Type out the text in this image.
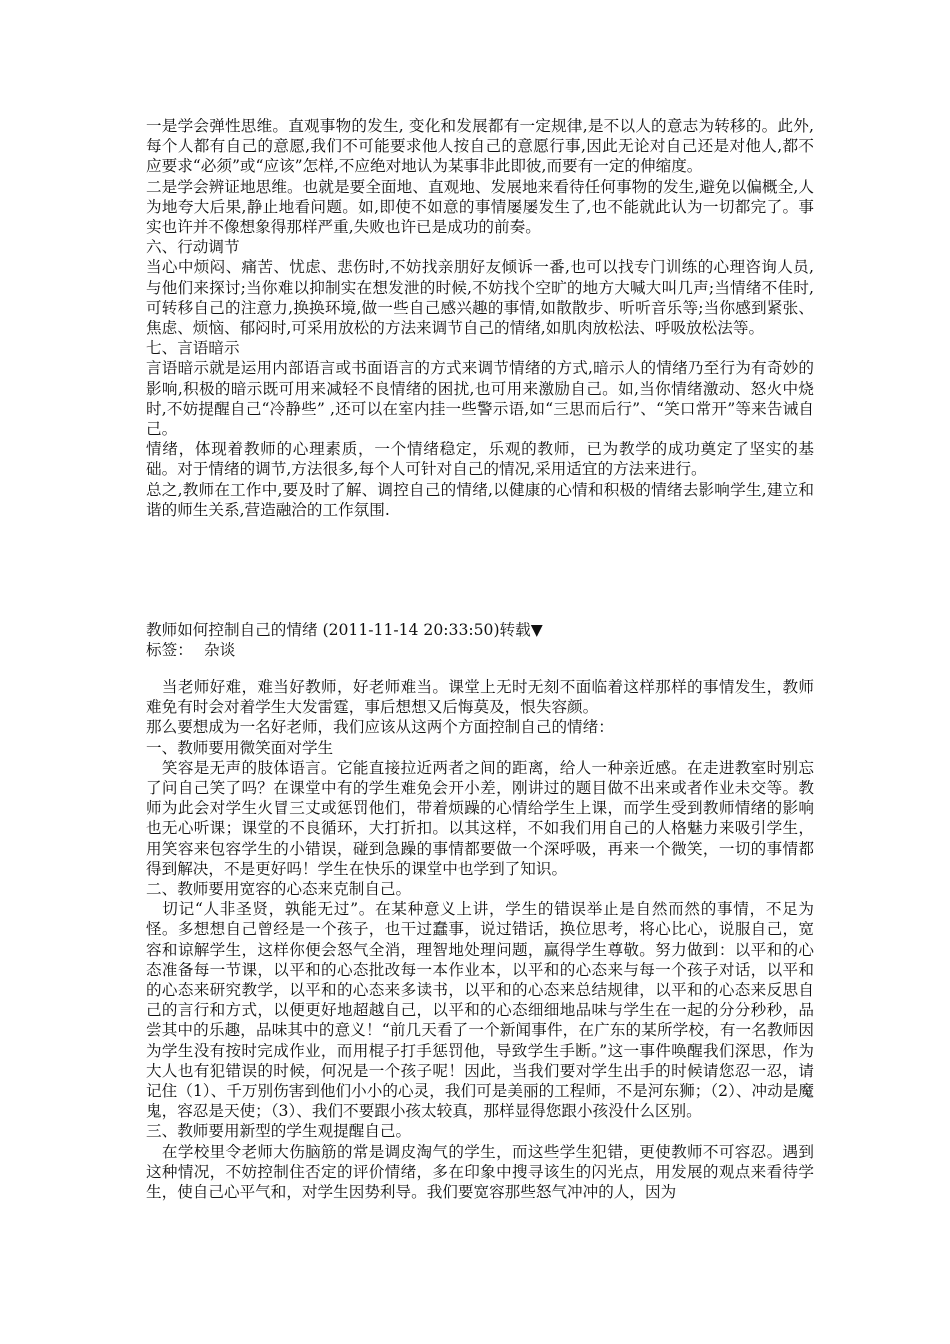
一是学会弹性思维。直观事物的发生, 变化和发展都有一定规律,是不以人的意志为转移的。此外,每个人都有自己的意愿,我们不可能要求他人按自己的意愿行事,因此无论对自己还是对他人,都不应要求“必须”或“应该”怎样,不应绝对地认为某事非此即彼,而要有一定的伸缩度。

二是学会辨证地思维。也就是要全面地、直观地、发展地来看待任何事物的发生,避免以偏概全,人为地夸大后果,静止地看问题。如,即使不如意的事情屡屡发生了,也不能就此认为一切都完了。事实也许并不像想象得那样严重,失败也许已是成功的前奏。

六、行动调节

当心中烦闷、痛苦、忧虑、悲伤时,不妨找亲朋好友倾诉一番,也可以找专门训练的心理咨询人员,与他们来探讨;当你难以抑制实在想发泄的时候,不妨找个空旷的地方大喊大叫几声;当情绪不佳时,可转移自己的注意力,换换环境,做一些自己感兴趣的事情,如散散步、听听音乐等;当你感到紧张、焦虑、烦恼、郁闷时,可采用放松的方法来调节自己的情绪,如肌肉放松法、呼吸放松法等。

七、言语暗示

言语暗示就是运用内部语言或书面语言的方式来调节情绪的方式,暗示人的情绪乃至行为有奇妙的影响,积极的暗示既可用来减轻不良情绪的困扰,也可用来激励自己。如,当你情绪激动、怒火中烧时,不妨提醒自己“冷静些” ,还可以在室内挂一些警示语,如“三思而后行”、“笑口常开”等来告诫自己。

情绪，体现着教师的心理素质，一个情绪稳定，乐观的教师，已为教学的成功奠定了坚实的基础。对于情绪的调节,方法很多,每个人可针对自己的情况,采用适宜的方法来进行。

总之,教师在工作中,要及时了解、调控自己的情绪,以健康的心情和积极的情绪去影响学生,建立和谐的师生关系,营造融洽的工作氛围.

教师如何控制自己的情绪 (2011-11-14 20:33:50)转载▼

标签： 杂谈

　当老师好难，难当好教师，好老师难当。课堂上无时无刻不面临着这样那样的事情发生，教师难免有时会对着学生大发雷霆，事后想想又后悔莫及，恨失容颜。

那么要想成为一名好老师，我们应该从这两个方面控制自己的情绪：

一、教师要用微笑面对学生

　笑容是无声的肢体语言。它能直接拉近两者之间的距离，给人一种亲近感。在走进教室时别忘了问自己笑了吗？在课堂中有的学生难免会开小差，刚讲过的题目做不出来或者作业未交等。教师为此会对学生火冒三丈或惩罚他们，带着烦躁的心情给学生上课，而学生受到教师情绪的影响也无心听课；课堂的不良循环，大打折扣。以其这样，不如我们用自己的人格魅力来吸引学生，用笑容来包容学生的小错误，碰到急躁的事情都要做一个深呼吸，再来一个微笑，一切的事情都得到解决，不是更好吗！学生在快乐的课堂中也学到了知识。

二、教师要用宽容的心态来克制自己。

　切记“人非圣贤，孰能无过”。在某种意义上讲，学生的错误举止是自然而然的事情，不足为怪。多想想自己曾经是一个孩子，也干过蠢事，说过错话，换位思考，将心比心，说服自己，宽容和谅解学生，这样你便会怒气全消，理智地处理问题，赢得学生尊敬。努力做到：以平和的心态准备每一节课，以平和的心态批改每一本作业本，以平和的心态来与每一个孩子对话，以平和的心态来研究教学，以平和的心态来多读书，以平和的心态来总结规律，以平和的心态来反思自己的言行和方式，以便更好地超越自己，以平和的心态细细地品味与学生在一起的分分秒秒，品尝其中的乐趣，品味其中的意义！“前几天看了一个新闻事件，在广东的某所学校，有一名教师因为学生没有按时完成作业，而用棍子打手惩罚他，导致学生手断。”这一事件唤醒我们深思，作为大人也有犯错误的时候，何况是一个孩子呢！因此，当我们要对学生出手的时候请您忍一忍，请记住（1）、千万别伤害到他们小小的心灵，我们可是美丽的工程师，不是河东狮；（2）、冲动是魔鬼，容忍是天使；（3）、我们不要跟小孩太较真，那样显得您跟小孩没什么区别。

三、教师要用新型的学生观提醒自己。

　在学校里令老师大伤脑筋的常是调皮淘气的学生，而这些学生犯错，更使教师不可容忍。遇到这种情况，不妨控制住否定的评价情绪，多在印象中搜寻该生的闪光点，用发展的观点来看待学生，使自己心平气和，对学生因势利导。我们要宽容那些怒气冲冲的人，因为
